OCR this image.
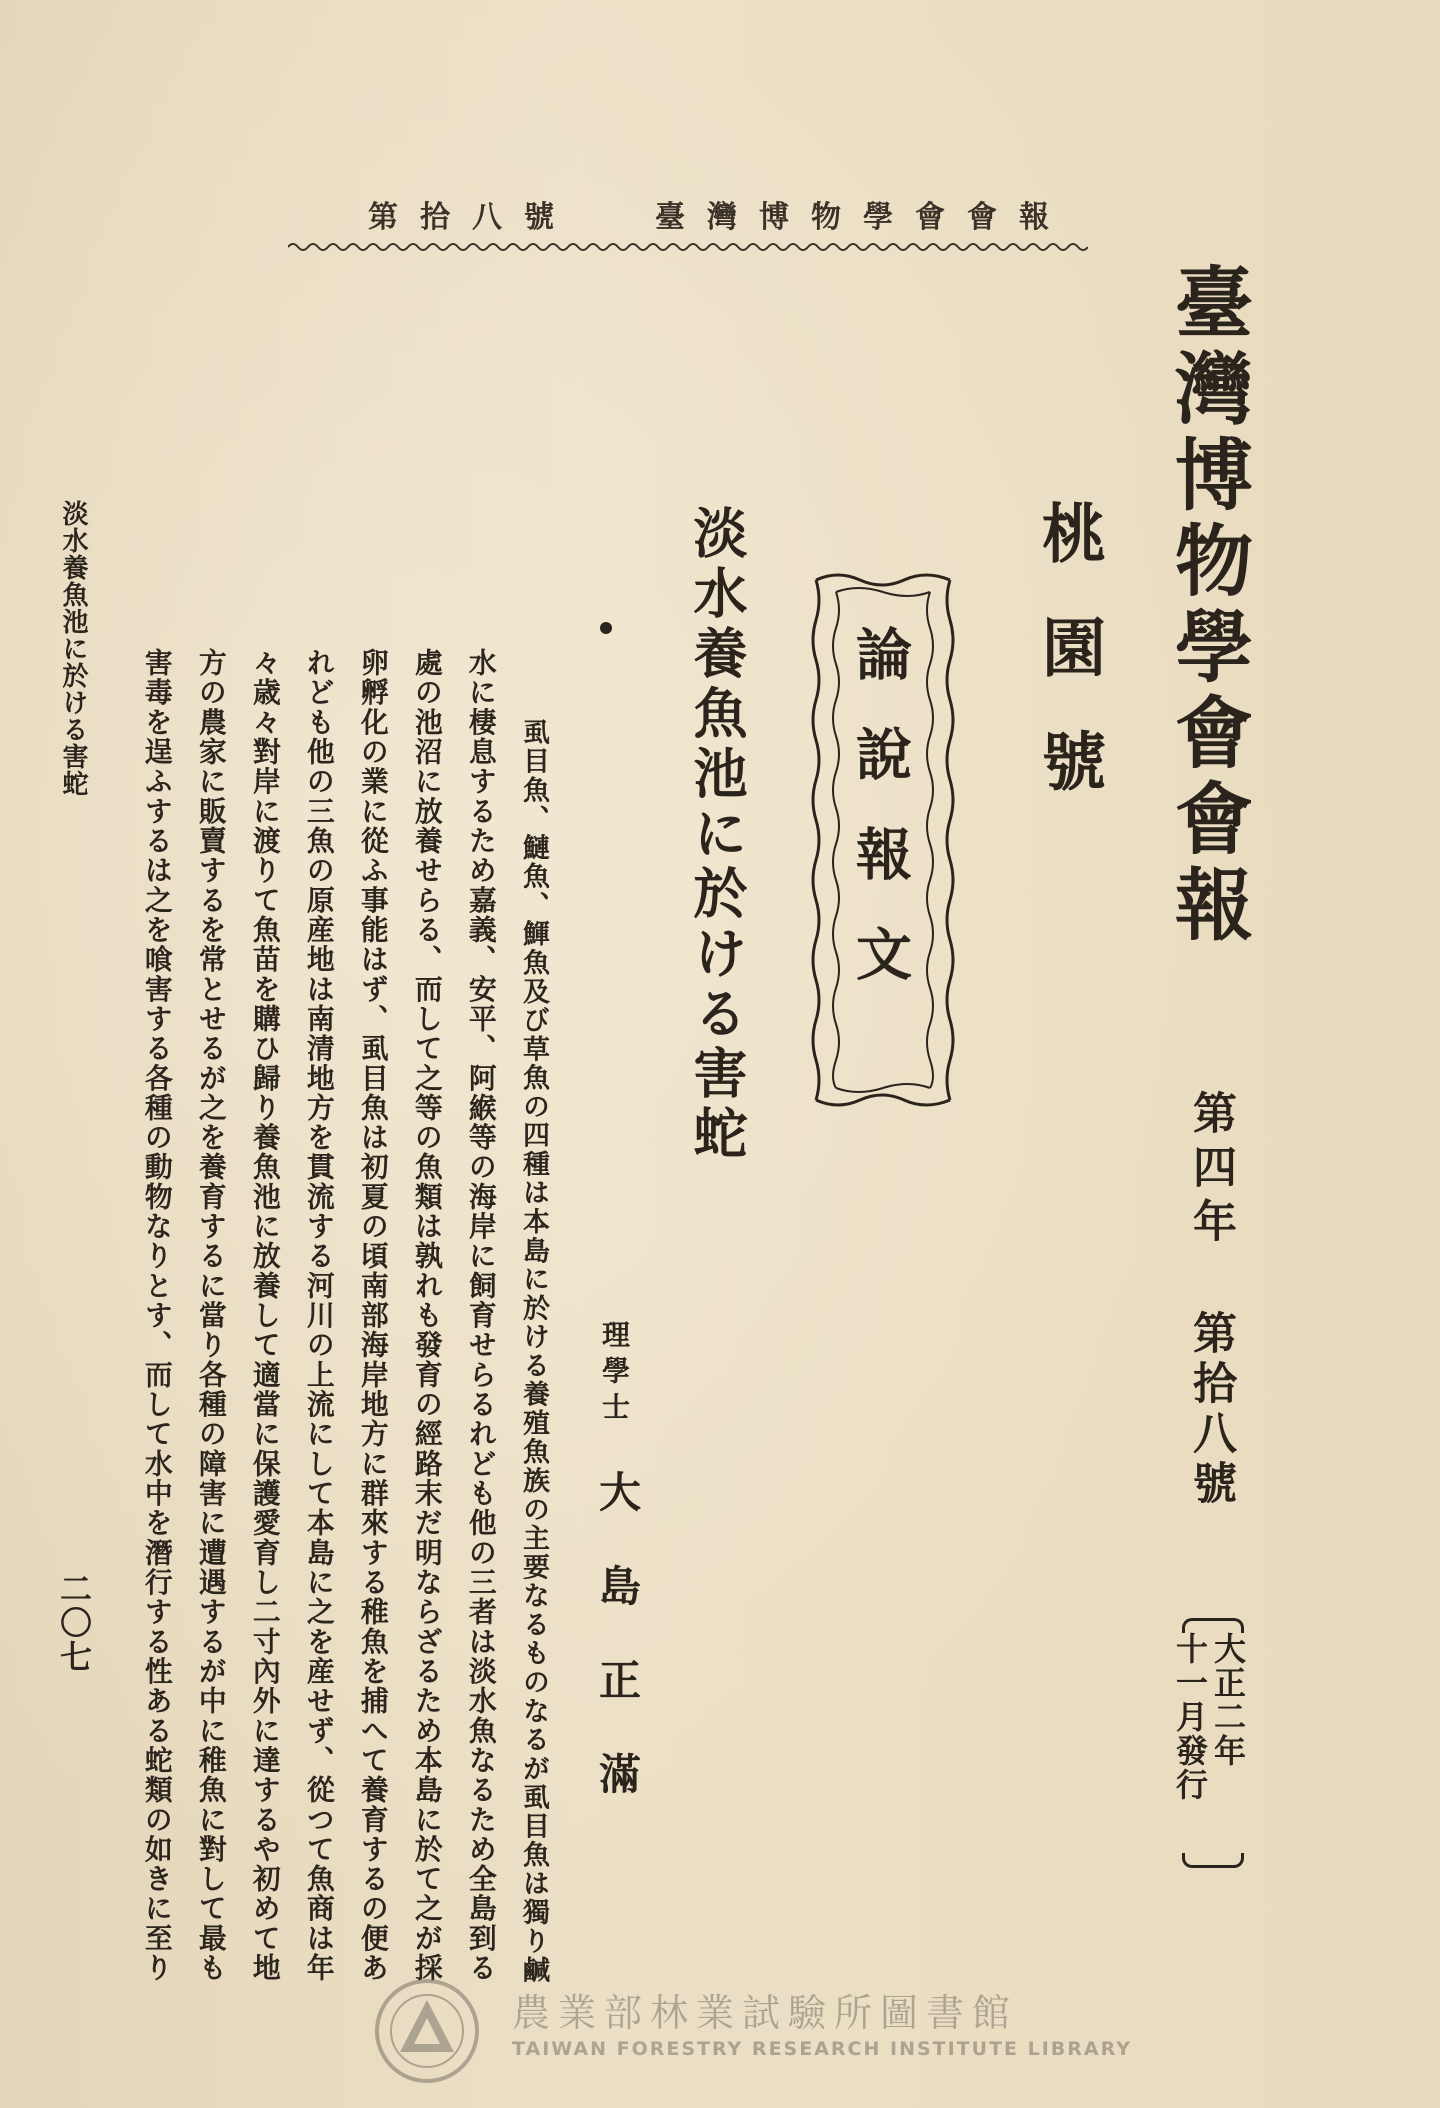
臺灣博物學會會報
第拾八號
臺灣博物學會會報
第四年
第拾八號
大正二年
十一月發行
桃園號
論說報文
淡水養魚池に於ける害蛇
理學士
大島正滿
虱目魚、鰱魚、鯶魚及び草魚の四種は本島に於ける養殖魚族の主要なるものなるが虱目魚は獨り鹹
水に棲息するため嘉義、安平、阿緱等の海岸に飼育せらるれども他の三者は淡水魚なるため全島到る
處の池沼に放養せらる、而して之等の魚類は孰れも發育の經路末だ明ならざるため本島に於て之が採
卵孵化の業に從ふ事能はず、虱目魚は初夏の頃南部海岸地方に群來する稚魚を捕へて養育するの便あ
れども他の三魚の原産地は南清地方を貫流する河川の上流にして本島に之を産せず、從つて魚商は年
々歳々對岸に渡りて魚苗を購ひ歸り養魚池に放養して適當に保護愛育し二寸內外に達するや初めて地
方の農家に販賣するを常とせるが之を養育するに當り各種の障害に遭遇するが中に稚魚に對して最も
害毒を逞ふするは之を喰害する各種の動物なりとす、而して水中を潛行する性ある蛇類の如きに至り
淡水養魚池に於ける害蛇
二〇七
農業部林業試驗所圖書館
TAIWAN FORESTRY RESEARCH INSTITUTE LIBRARY
